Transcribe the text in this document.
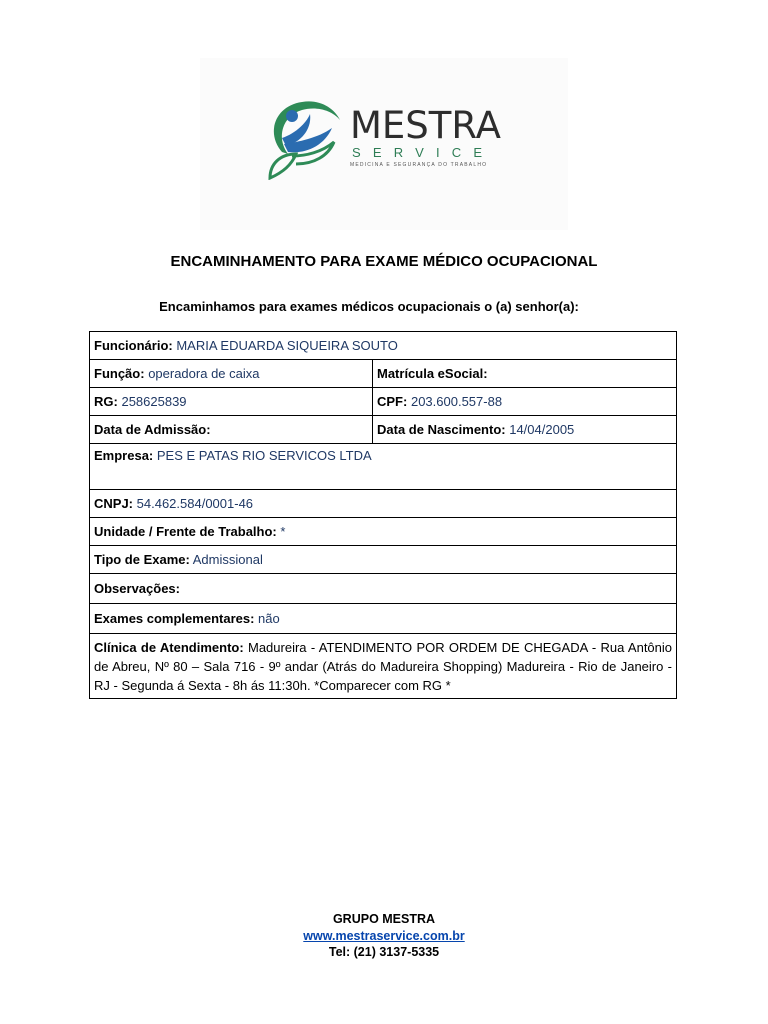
MESTRA
SERVICE
MEDICINA E SEGURANÇA DO TRABALHO
ENCAMINHAMENTO PARA EXAME MÉDICO OCUPACIONAL
Encaminhamos para exames médicos ocupacionais o (a) senhor(a):
Funcionário: MARIA EDUARDA SIQUEIRA SOUTO	
Função: operadora de caixa	Matrícula eSocial:
RG: 258625839	CPF: 203.600.557-88
Data de Admissão:	Data de Nascimento: 14/04/2005
Empresa: PES E PATAS RIO SERVICOS LTDA	
CNPJ: 54.462.584/0001-46	
Unidade / Frente de Trabalho: *	
Tipo de Exame: Admissional	
Observações:	
Exames complementares: não	
Clínica de Atendimento: Madureira - ATENDIMENTO POR ORDEM DE CHEGADA - Rua Antônio de Abreu, Nº 80 – Sala 716 - 9º andar (Atrás do Madureira Shopping) Madureira - Rio de Janeiro - RJ - Segunda á Sexta - 8h ás 11:30h. *Comparecer com RG *	
GRUPO MESTRA
www.mestraservice.com.br
Tel: (21) 3137-5335
